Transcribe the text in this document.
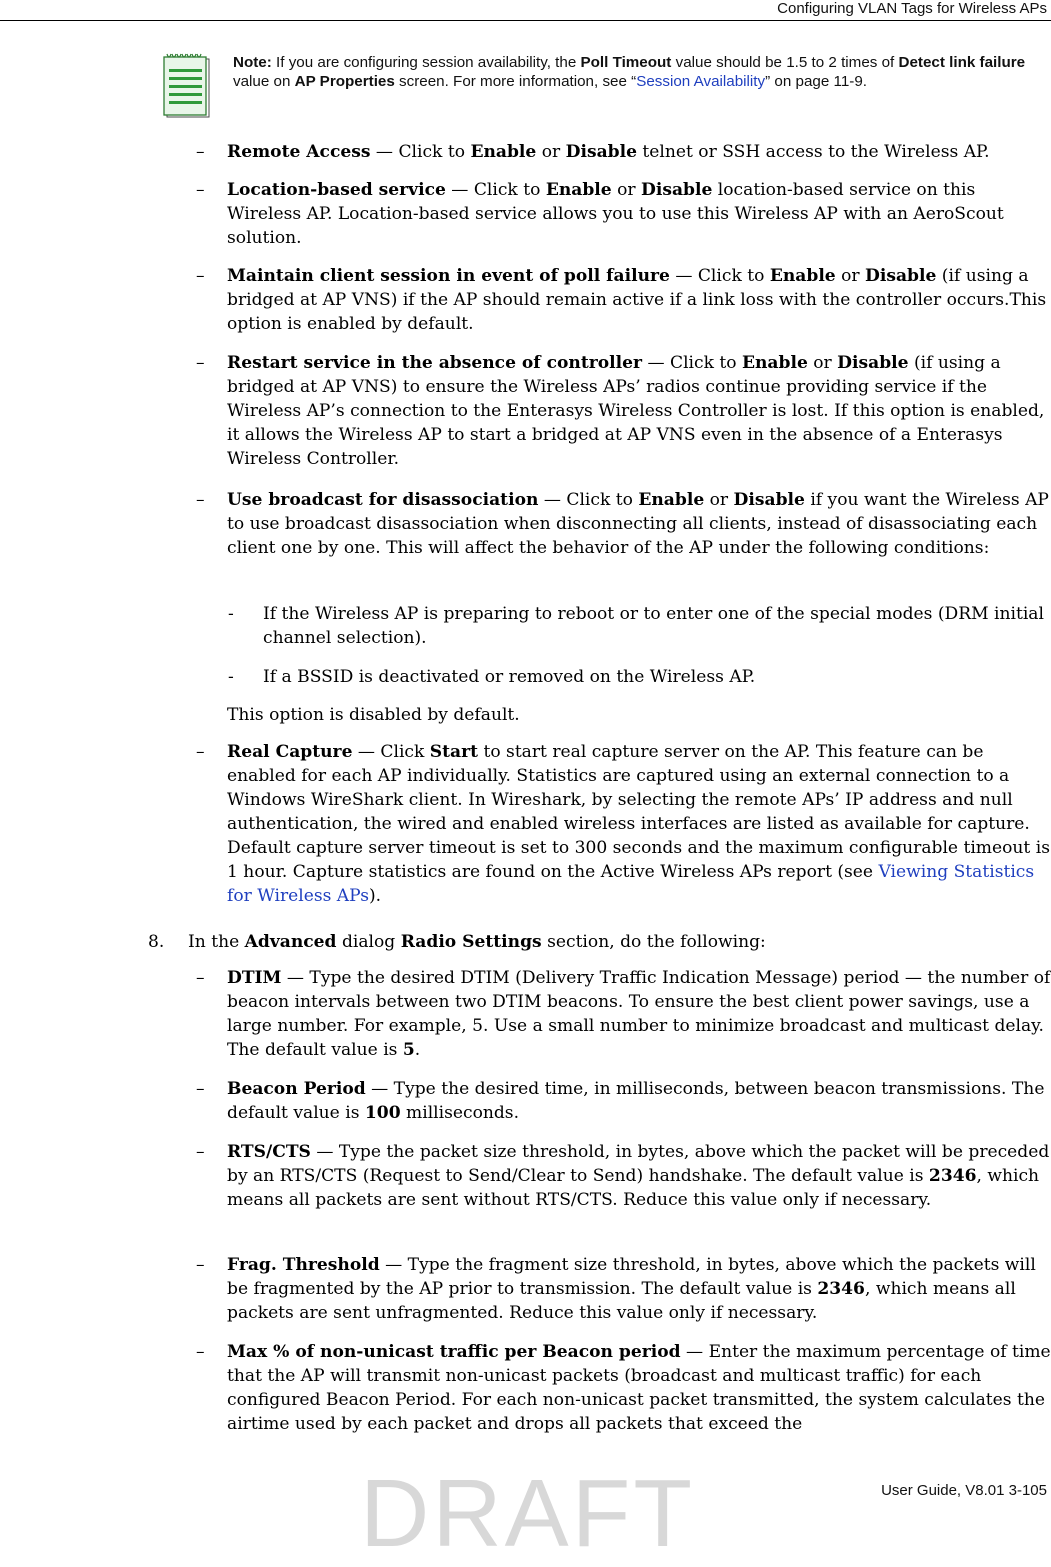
Configuring VLAN Tags for Wireless APs
Note: If you are configuring session availability, the Poll Timeout value should be 1.5 to 2 times of Detect link failure value on AP Properties screen. For more information, see “Session Availability” on page 11-9.
– Remote Access — Click to Enable or Disable telnet or SSH access to the Wireless AP.
– Location-based service — Click to Enable or Disable location-based service on this Wireless AP. Location-based service allows you to use this Wireless AP with an AeroScout solution.
– Maintain client session in event of poll failure — Click to Enable or Disable (if using a bridged at AP VNS) if the AP should remain active if a link loss with the controller occurs.This option is enabled by default.
– Restart service in the absence of controller — Click to Enable or Disable (if using a bridged at AP VNS) to ensure the Wireless APs’ radios continue providing service if the Wireless AP’s connection to the Enterasys Wireless Controller is lost. If this option is enabled, it allows the Wireless AP to start a bridged at AP VNS even in the absence of a Enterasys Wireless Controller.
– Use broadcast for disassociation — Click to Enable or Disable if you want the Wireless AP to use broadcast disassociation when disconnecting all clients, instead of disassociating each client one by one. This will affect the behavior of the AP under the following conditions:
- If the Wireless AP is preparing to reboot or to enter one of the special modes (DRM initial channel selection).
- If a BSSID is deactivated or removed on the Wireless AP.
This option is disabled by default.
– Real Capture — Click Start to start real capture server on the AP. This feature can be enabled for each AP individually. Statistics are captured using an external connection to a Windows WireShark client. In Wireshark, by selecting the remote APs’ IP address and null authentication, the wired and enabled wireless interfaces are listed as available for capture. Default capture server timeout is set to 300 seconds and the maximum configurable timeout is 1 hour. Capture statistics are found on the Active Wireless APs report (see Viewing Statistics for Wireless APs).
8. In the Advanced dialog Radio Settings section, do the following:
– DTIM — Type the desired DTIM (Delivery Traffic Indication Message) period — the number of beacon intervals between two DTIM beacons. To ensure the best client power savings, use a large number. For example, 5. Use a small number to minimize broadcast and multicast delay. The default value is 5.
– Beacon Period — Type the desired time, in milliseconds, between beacon transmissions. The default value is 100 milliseconds.
– RTS/CTS — Type the packet size threshold, in bytes, above which the packet will be preceded by an RTS/CTS (Request to Send/Clear to Send) handshake. The default value is 2346, which means all packets are sent without RTS/CTS. Reduce this value only if necessary.
– Frag. Threshold — Type the fragment size threshold, in bytes, above which the packets will be fragmented by the AP prior to transmission. The default value is 2346, which means all packets are sent unfragmented. Reduce this value only if necessary.
– Max % of non-unicast traffic per Beacon period — Enter the maximum percentage of time that the AP will transmit non-unicast packets (broadcast and multicast traffic) for each configured Beacon Period. For each non-unicast packet transmitted, the system calculates the airtime used by each packet and drops all packets that exceed the
DRAFT	User Guide, V8.01 3-105
